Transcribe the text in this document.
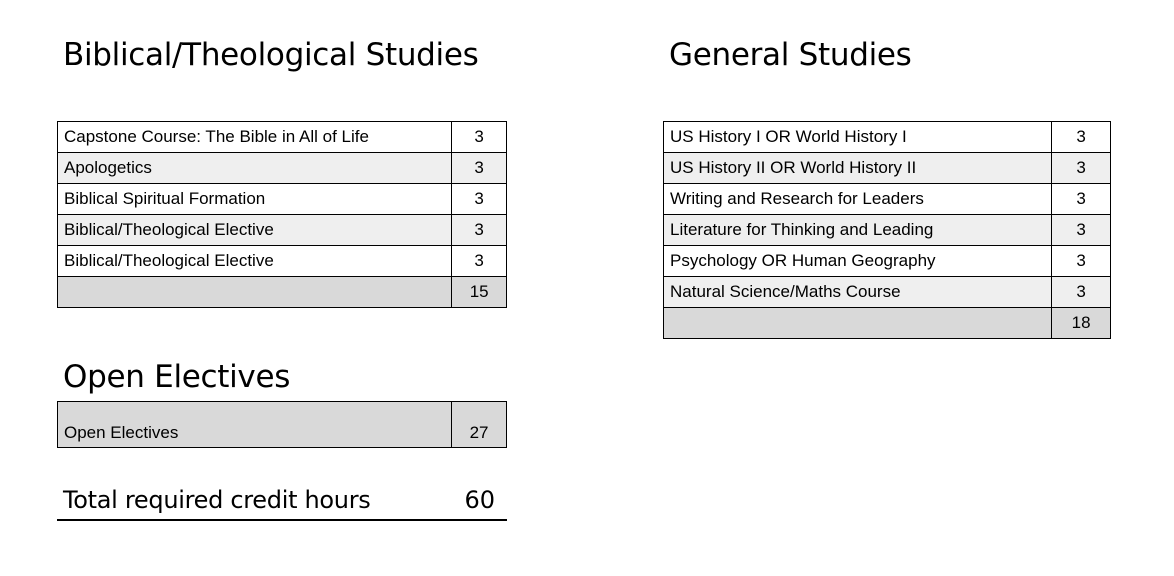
Biblical/Theological Studies
Capstone Course: The Bible in All of Life	3
Apologetics	3
Biblical Spiritual Formation	3
Biblical/Theological Elective	3
Biblical/Theological Elective	3
	15
General Studies
US History I OR World History I	3
US History II OR World History II	3
Writing and Research for Leaders	3
Literature for Thinking and Leading	3
Psychology OR Human Geography	3
Natural Science/Maths Course	3
	18
Open Electives
Open Electives	27
Total required credit hours	60
